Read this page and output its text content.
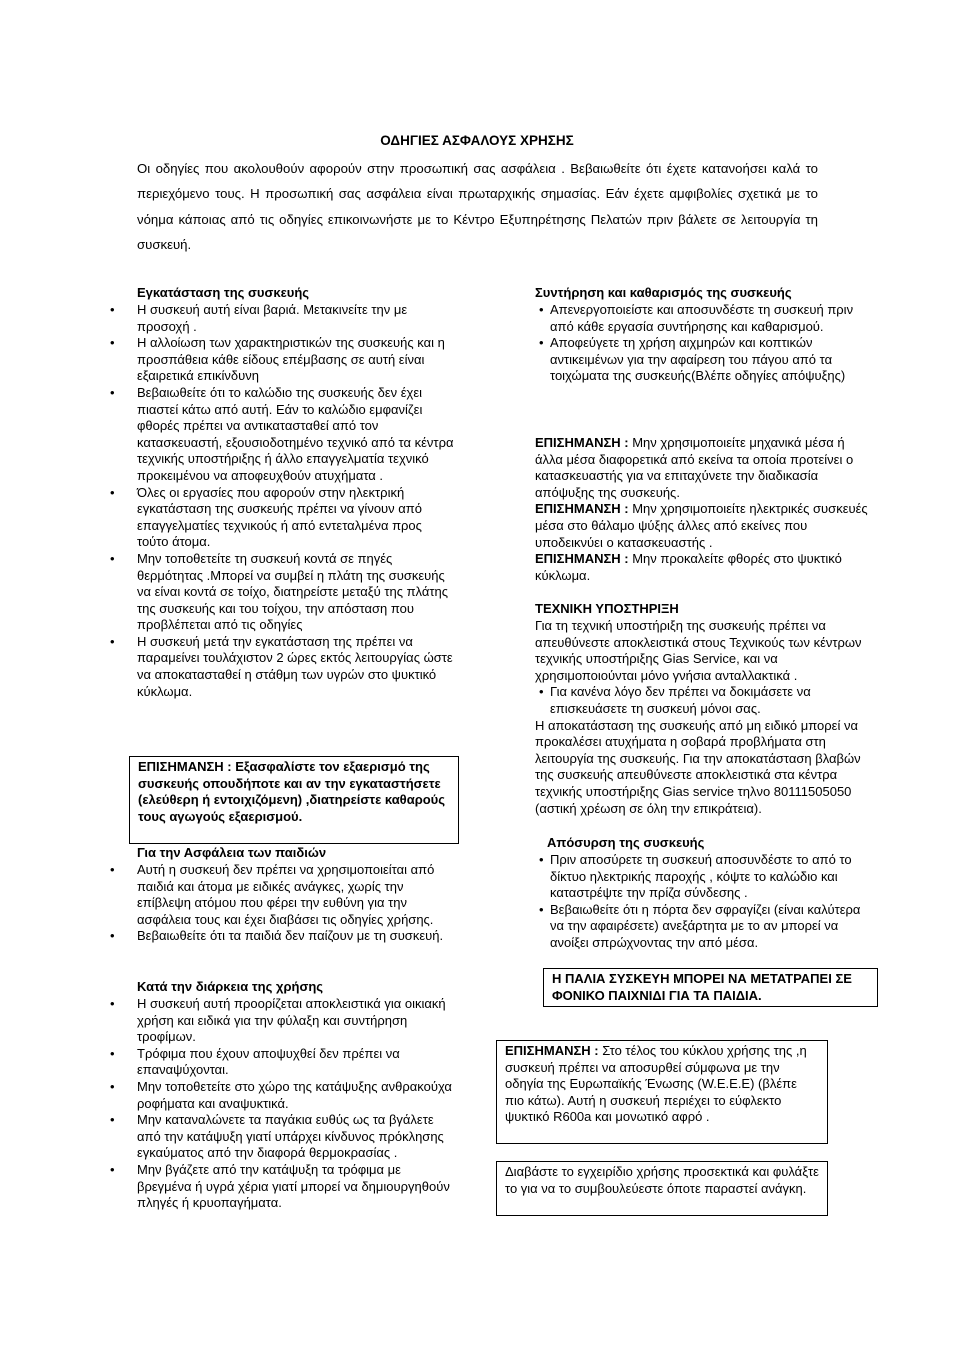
ΟΔΗΓΙΕΣ ΑΣΦΑΛΟΥΣ ΧΡΗΣΗΣ
Οι οδηγίες που ακολουθούν αφορούν στην προσωπική σας ασφάλεια . Βεβαιωθείτε ότι έχετε κατανοήσει καλά το περιεχόμενο τους. Η προσωπική σας ασφάλεια είναι πρωταρχικής σημασίας. Εάν έχετε αμφιβολίες σχετικά με το νόημα κάποιας από τις οδηγίες επικοινωνήστε με το Κέντρο Εξυπηρέτησης Πελατών πριν βάλετε σε λειτουργία τη συσκευή.
Εγκατάσταση της συσκευής
• Η συσκευή αυτή είναι βαριά. Μετακινείτε την με προσοχή .
• Η αλλοίωση των χαρακτηριστικών της συσκευής και η προσπάθεια κάθε είδους επέμβασης σε αυτή είναι εξαιρετικά επικίνδυνη
• Βεβαιωθείτε ότι το καλώδιο της συσκευής δεν έχει πιαστεί κάτω από αυτή. Εάν το καλώδιο εμφανίζει φθορές πρέπει να αντικατασταθεί από τον κατασκευαστή, εξουσιοδοτημένο τεχνικό από τα κέντρα τεχνικής υποστήριξης ή άλλο επαγγελματία τεχνικό προκειμένου να αποφευχθούν ατυχήματα .
• Όλες οι εργασίες που αφορούν στην ηλεκτρική εγκατάσταση της συσκευής πρέπει να γίνουν από επαγγελματίες τεχνικούς ή από εντεταλμένα προς τούτο άτομα.
• Μην τοποθετείτε τη συσκευή κοντά σε πηγές θερμότητας .Μπορεί να συμβεί η πλάτη της συσκευής να είναι κοντά σε τοίχο, διατηρείστε μεταξύ της πλάτης της συσκευής και του τοίχου, την απόσταση που προβλέπεται από τις οδηγίες
• Η συσκευή μετά την εγκατάσταση της πρέπει να παραμείνει τουλάχιστον 2 ώρες εκτός λειτουργίας ώστε να αποκατασταθεί η στάθμη των υγρών στο ψυκτικό κύκλωμα.
ΕΠΙΣΗΜΑΝΣΗ : Εξασφαλίστε τον εξαερισμό της συσκευής οπουδήποτε και αν την εγκαταστήσετε (ελεύθερη ή εντοιχιζόμενη) ,διατηρείστε καθαρούς τους αγωγούς εξαερισμού.
Για την Ασφάλεια των παιδιών
• Αυτή η συσκευή δεν πρέπει να χρησιμοποιείται από παιδιά και άτομα με ειδικές ανάγκες, χωρίς την επίβλεψη ατόμου που φέρει την ευθύνη για την ασφάλεια τους και έχει διαβάσει τις οδηγίες χρήσης.
• Βεβαιωθείτε ότι τα παιδιά δεν παίζουν με τη συσκευή.
Κατά την διάρκεια της χρήσης
• Η συσκευή αυτή προορίζεται αποκλειστικά για οικιακή χρήση και ειδικά για την φύλαξη και συντήρηση τροφίμων.
• Τρόφιμα που έχουν αποψυχθεί δεν πρέπει να επαναψύχονται.
• Μην τοποθετείτε στο χώρο της κατάψυξης ανθρακούχα ροφήματα και αναψυκτικά.
• Μην καταναλώνετε τα παγάκια ευθύς ως τα βγάλετε από την κατάψυξη γιατί υπάρχει κίνδυνος πρόκλησης εγκαύματος από την διαφορά θερμοκρασίας .
• Μην βγάζετε από την κατάψυξη τα τρόφιμα με βρεγμένα ή υγρά χέρια γιατί μπορεί να δημιουργηθούν πληγές ή κρυοπαγήματα.
Συντήρηση και καθαρισμός της συσκευής
• Απενεργοποιείστε και αποσυνδέστε τη συσκευή πριν από κάθε εργασία συντήρησης και καθαρισμού.
• Αποφεύγετε τη χρήση αιχμηρών και κοπτικών αντικειμένων για την αφαίρεση του πάγου από τα τοιχώματα της συσκευής(Βλέπε οδηγίες απόψυξης)

ΕΠΙΣΗΜΑΝΣΗ : Μην χρησιμοποιείτε μηχανικά μέσα ή άλλα μέσα διαφορετικά από εκείνα τα οποία προτείνει ο κατασκευαστής για να επιταχύνετε την διαδικασία απόψυξης της συσκευής.

ΕΠΙΣΗΜΑΝΣΗ : Μην χρησιμοποιείτε ηλεκτρικές συσκευές μέσα στο θάλαμο ψύξης άλλες από εκείνες που υποδεικνύει ο κατασκευαστής .

ΕΠΙΣΗΜΑΝΣΗ : Μην προκαλείτε φθορές στο ψυκτικό κύκλωμα.

ΤΕΧΝΙΚΗ ΥΠΟΣΤΗΡΙΞΗ

Για τη τεχνική υποστήριξη της συσκευής πρέπει να απευθύνεστε αποκλειστικά στους Τεχνικούς των κέντρων τεχνικής υποστήριξης Gias Service, και να χρησιμοποιούνται μόνο γνήσια ανταλλακτικά .

• Για κανένα λόγο δεν πρέπει να δοκιμάσετε να επισκευάσετε τη συσκευή μόνοι σας.

Η αποκατάσταση της συσκευής από μη ειδικό μπορεί να προκαλέσει ατυχήματα η σοβαρά προβλήματα στη λειτουργία της συσκευής. Για την αποκατάσταση βλαβών της συσκευής απευθύνεστε αποκλειστικά στα κέντρα τεχνικής υποστήριξης Gias service τηλνο 80111505050 (αστική χρέωση σε όλη την επικράτεια).

Απόσυρση της συσκευής
• Πριν αποσύρετε τη συσκευή αποσυνδέστε το από το δίκτυο ηλεκτρικής παροχής , κόψτε το καλώδιο και καταστρέψτε την πρίζα σύνδεσης .
• Βεβαιωθείτε ότι η πόρτα δεν σφραγίζει (είναι καλύτερα να την αφαιρέσετε) ανεξάρτητα με το αν μπορεί να ανοίξει σπρώχνοντας την από μέσα.
Η ΠΑΛΙΑ ΣΥΣΚΕΥΗ ΜΠΟΡΕΙ ΝΑ ΜΕΤΑΤΡΑΠΕΙ ΣΕ ΦΟΝΙΚΟ ΠΑΙΧΝΙΔΙ ΓΙΑ ΤΑ ΠΑΙΔΙΑ.
ΕΠΙΣΗΜΑΝΣΗ : Στο τέλος του κύκλου χρήσης της ,η συσκευή πρέπει να αποσυρθεί σύμφωνα με την οδηγία της Ευρωπαϊκής Ένωσης (W.E.E.E) (βλέπε πιο κάτω). Αυτή η συσκευή περιέχει το εύφλεκτο ψυκτικό R600a και μονωτικό αφρό .
Διαβάστε το εγχειρίδιο χρήσης προσεκτικά και φυλάξτε το για να το συμβουλεύεστε όποτε παραστεί ανάγκη.
